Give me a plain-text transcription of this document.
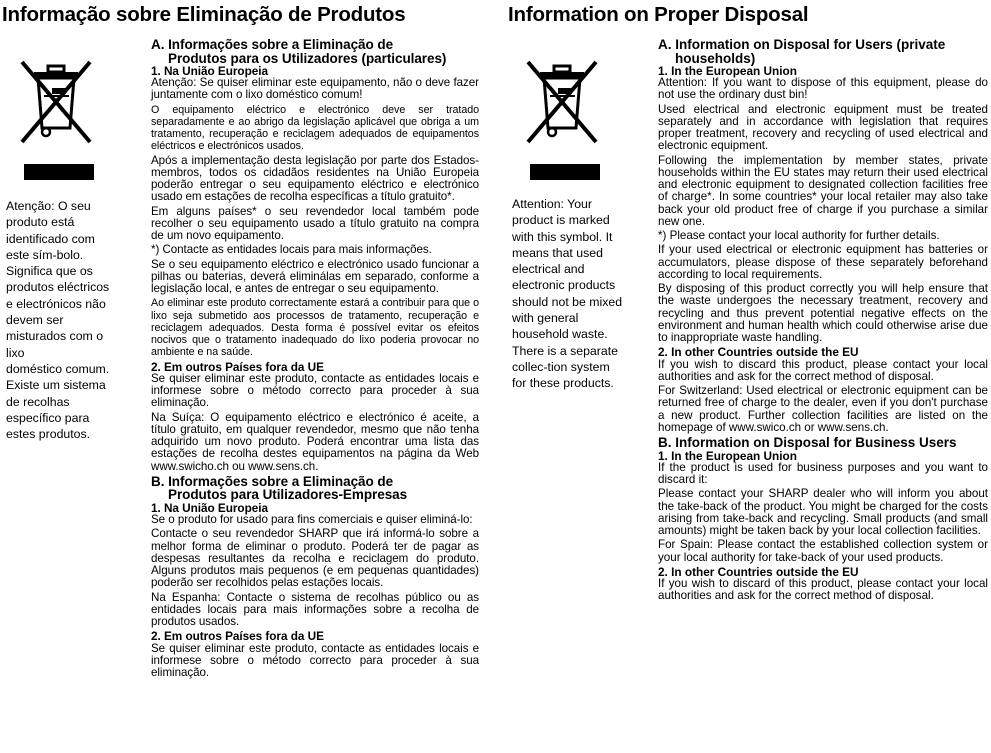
Informação sobre Eliminação de Produtos
Atenção: O seu
produto está
identificado com
este sím-bolo.
Significa que os
produtos eléctricos
e electrónicos não
devem ser
misturados com o
lixo
doméstico comum.
Existe um sistema
de recolhas
específico para
estes produtos.
A. Informações sobre a Eliminação de
Produtos para os Utilizadores (particulares)
1. Na União Europeia

Atenção: Se quiser eliminar este equipamento, não o deve fazer juntamente com o lixo doméstico comum!

O equipamento eléctrico e electrónico deve ser tratado separadamente e ao abrigo da legislação aplicável que obriga a um tratamento, recuperação e reciclagem adequados de equipamentos eléctricos e electrónicos usados.

Após a implementação desta legislação por parte dos Estados-membros, todos os cidadãos residentes na União Europeia poderão entregar o seu equipamento eléctrico e electrónico usado em estações de recolha específicas a título gratuito*.

Em alguns países* o seu revendedor local também pode recolher o seu equipamento usado a título gratuito na compra de um novo equipamento.

*) Contacte as entidades locais para mais informações.

Se o seu equipamento eléctrico e electrónico usado funcionar a pilhas ou baterias, deverá eliminálas em separado, conforme a legislação local, e antes de entregar o seu equipamento.

Ao eliminar este produto correctamente estará a contribuir para que o lixo seja submetido aos processos de tratamento, recuperação e reciclagem adequados. Desta forma é possível evitar os efeitos nocivos que o tratamento inadequado do lixo poderia provocar no ambiente e na saúde.

2. Em outros Países fora da UE

Se quiser eliminar este produto, contacte as entidades locais e informese sobre o método correcto para proceder à sua eliminação.

Na Suíça: O equipamento eléctrico e electrónico é aceite, a título gratuito, em qualquer revendedor, mesmo que não tenha adquirido um novo produto. Poderá encontrar uma lista das estações de recolha destes equipamentos na página da Web www.swicho.ch ou www.sens.ch.

B. Informações sobre a Eliminação de
Produtos para Utilizadores-Empresas
1. Na União Europeia

Se o produto for usado para fins comerciais e quiser eliminá-lo:

Contacte o seu revendedor SHARP que irá informá-lo sobre a melhor forma de eliminar o produto. Poderá ter de pagar as despesas resultantes da recolha e reciclagem do produto. Alguns produtos mais pequenos (e em pequenas quantidades) poderão ser recolhidos pelas estações locais.

Na Espanha: Contacte o sistema de recolhas público ou as entidades locais para mais informações sobre a recolha de produtos usados.

2. Em outros Países fora da UE

Se quiser eliminar este produto, contacte as entidades locais e informese sobre o método correcto para proceder à sua eliminação.

Information on Proper Disposal
Attention: Your
product is marked
with this symbol. It
means that used
electrical and
electronic products
should not be mixed
with general
household waste.
There is a separate
collec-tion system
for these products.
A. Information on Disposal for Users (private
households)
1. In the European Union

Attention: If you want to dispose of this equipment, please do not use the ordinary dust bin!

Used electrical and electronic equipment must be treated separately and in accordance with legislation that requires proper treatment, recovery and recycling of used electrical and electronic equipment.

Following the implementation by member states, private households within the EU states may return their used electrical and electronic equipment to designated collection facilities free of charge*. In some countries* your local retailer may also take back your old product free of charge if you purchase a similar new one.

*) Please contact your local authority for further details.

If your used electrical or electronic equipment has batteries or accumulators, please dispose of these separately beforehand according to local requirements.

By disposing of this product correctly you will help ensure that the waste undergoes the necessary treatment, recovery and recycling and thus prevent potential negative effects on the environment and human health which could otherwise arise due to inappropriate waste handling.

2. In other Countries outside the EU

If you wish to discard this product, please contact your local authorities and ask for the correct method of disposal.

For Switzerland: Used electrical or electronic equipment can be returned free of charge to the dealer, even if you don't purchase a new product. Further collection facilities are listed on the homepage of www.swico.ch or www.sens.ch.

B. Information on Disposal for Business Users
1. In the European Union

If the product is used for business purposes and you want to discard it:

Please contact your SHARP dealer who will inform you about the take-back of the product. You might be charged for the costs arising from take-back and recycling. Small products (and small amounts) might be taken back by your local collection facilities.

For Spain: Please contact the established collection system or your local authority for take-back of your used products.

2. In other Countries outside the EU

If you wish to discard of this product, please contact your local authorities and ask for the correct method of disposal.
